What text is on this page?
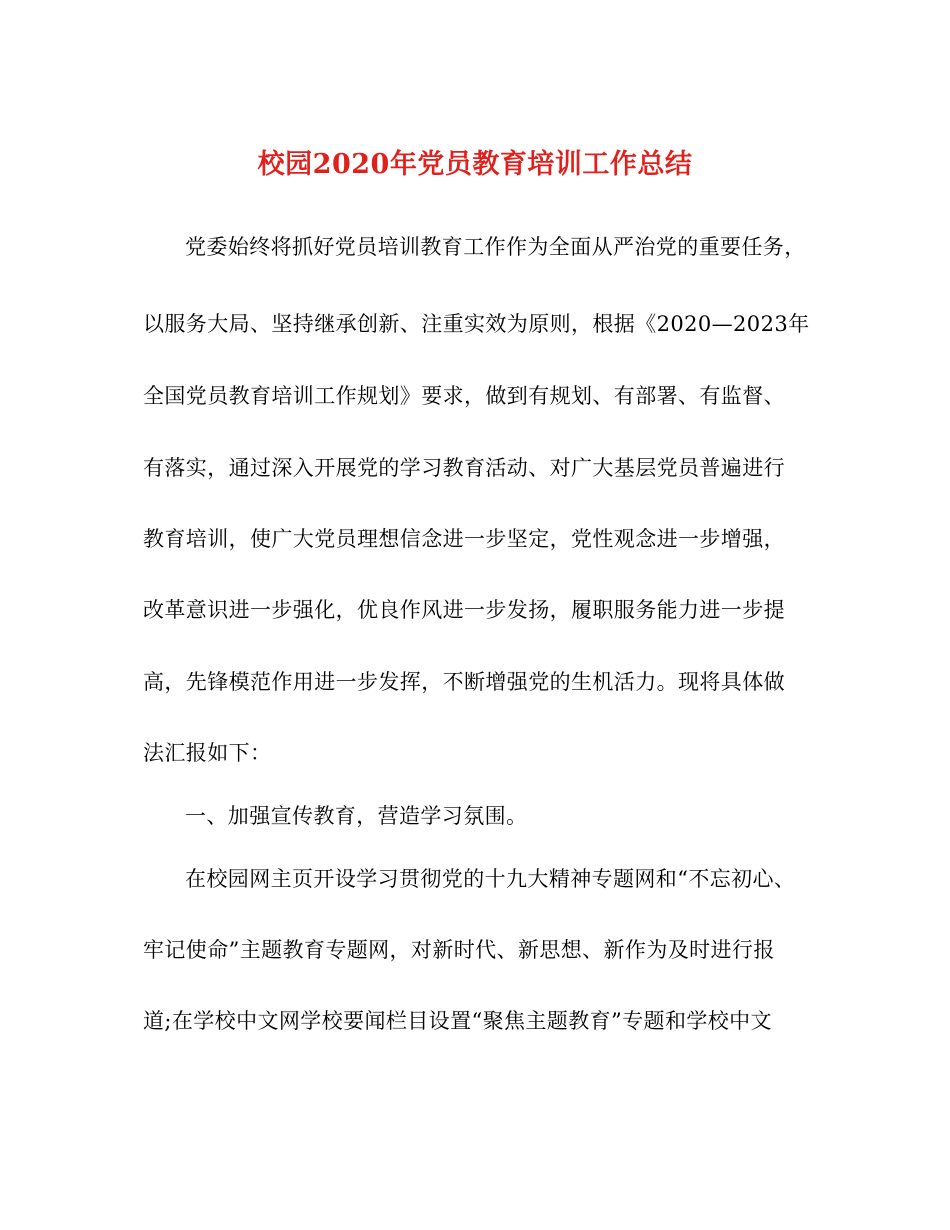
校园2020年党员教育培训工作总结
党委始终将抓好党员培训教育工作作为全面从严治党的重要任务，
以服务大局、坚持继承创新、注重实效为原则，根据《2020—2023年
全国党员教育培训工作规划》要求，做到有规划、有部署、有监督、
有落实，通过深入开展党的学习教育活动、对广大基层党员普遍进行
教育培训，使广大党员理想信念进一步坚定，党性观念进一步增强，
改革意识进一步强化，优良作风进一步发扬，履职服务能力进一步提
高，先锋模范作用进一步发挥，不断增强党的生机活力。现将具体做
法汇报如下：
一、加强宣传教育，营造学习氛围。
在校园网主页开设学习贯彻党的十九大精神专题网和“不忘初心、
牢记使命”主题教育专题网，对新时代、新思想、新作为及时进行报
道;在学校中文网学校要闻栏目设置“聚焦主题教育”专题和学校中文
